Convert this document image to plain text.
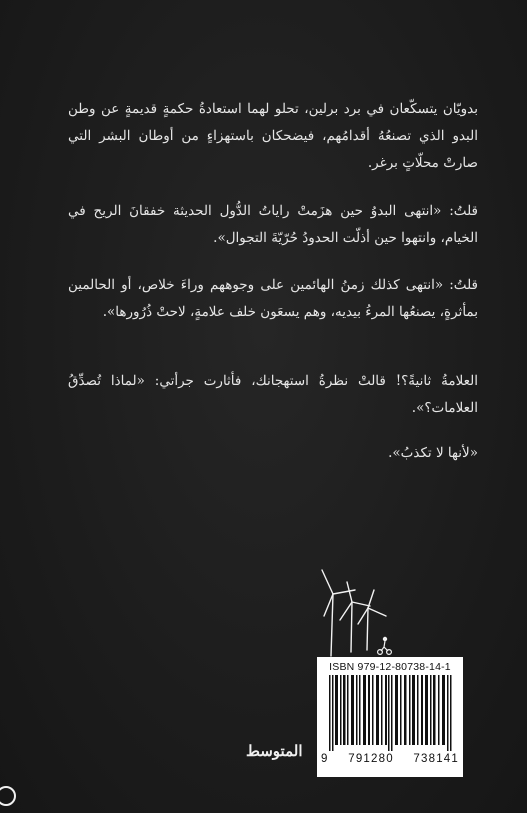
بدويّان يتسكّعان في برد برلين، تحلو لهما استعادةُ حكمةٍ قديمةٍ عن وطن البدو الذي تصنعُهُ أقدامُهم، فيضحكان باستهزاءٍ من أوطان البشر التي صارتْ محلّاتٍ برغر.
قلتُ: «انتهى البدوُ حين هزَمتْ راياتُ الدُّول الحديثة خفقانَ الريح في الخيام، وانتهوا حين أذلّت الحدودُ حُرّيّةَ التجوال».
قلتُ: «انتهى كذلك زمنُ الهائمين على وجوههم وراءَ خلاص، أو الحالمين بمأثرةٍ، يصنعُها المرءُ بيديه، وهم يسعَون خلف علامةٍ، لاحتْ ذُرُورها».
العلامةُ ثانيةً؟! قالتْ نظرةُ استهجانك، فأثارت جرأتي: «لماذا تُصدِّقُ العلامات؟».
«لأنها لا تكذبُ».
ISBN 979-12-80738-14-1
9 791280 738141
المتوسط
